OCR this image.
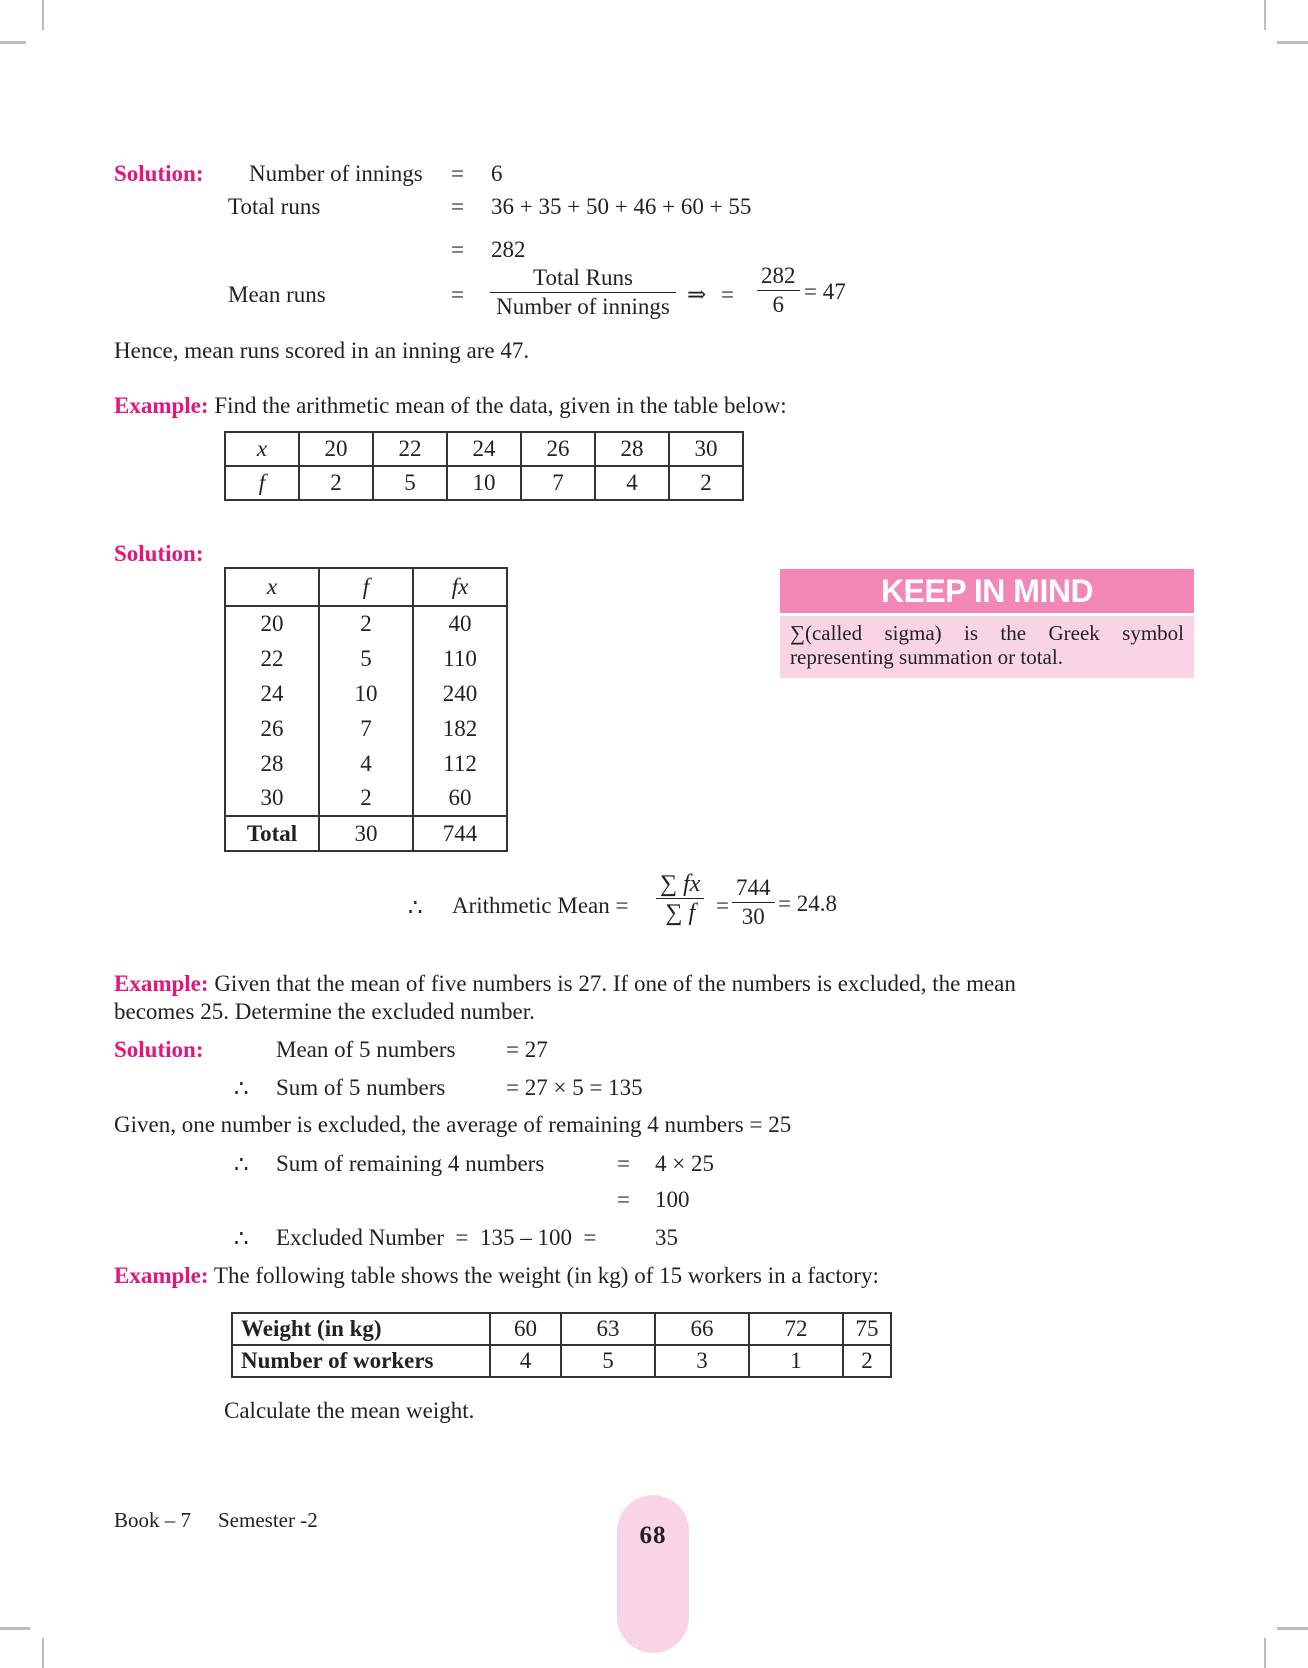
Solution: Number of innings = 6
Total runs	= 36 + 35 + 50 + 46 + 60 + 55
= 282
Mean runs	= $\frac{\text{Total Runs}}{\text{Number of innings}}$ ⇒ = $\frac{282}{6} = 47$
Hence, mean runs scored in an inning are 47.
Example: Find the arithmetic mean of the data, given in the table below:
x	20	22	24	26	28	30
f	2	5	10	7	4	2
Solution:
x	f	fx
20	2	40
22	5	110
24	10	240
26	7	182
28	4	112
30	2	60
Total	30	744
KEEP IN MIND
∑(called sigma) is the Greek symbol representing summation or total.
∴ Arithmetic Mean = $\frac{\sum fx}{\sum f} = \frac{744}{30} = 24.8$
Example: Given that the mean of five numbers is 27. If one of the numbers is excluded, the mean
becomes 25. Determine the excluded number.
Solution:	Mean of 5 numbers = 27
∴ Sum of 5 numbers	= 27 × 5 = 135
Given, one number is excluded, the average of remaining 4 numbers = 25
∴ Sum of remaining 4 numbers	= 4 × 25
= 100
∴ Excluded Number  =  135 – 100  =	35
Example: The following table shows the weight (in kg) of 15 workers in a factory:
Weight (in kg)	60	63	66	72	75
Number of workers	4	5	3	1	2
Calculate the mean weight.
Book – 7 Semester -2
68
